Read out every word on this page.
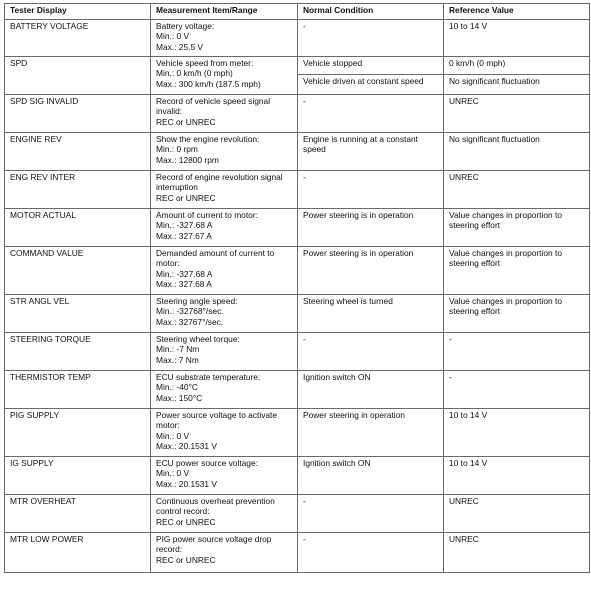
Tester Display	Measurement Item/Range	Normal Condition	Reference Value
BATTERY VOLTAGE	Battery voltage:
Min.: 0 V
Max.: 25.5 V	-	10 to 14 V
SPD	Vehicle speed from meter:
Min.: 0 km/h (0 mph)
Max.: 300 km/h (187.5 mph)	Vehicle stopped	0 km/h (0 mph)
		Vehicle driven at constant speed	No significant fluctuation
SPD SIG INVALID	Record of vehicle speed signal invalid:
REC or UNREC	-	UNREC
ENGINE REV	Show the engine revolution:
Min.: 0 rpm
Max.: 12800 rpm	Engine is running at a constant speed	No significant fluctuation
ENG REV INTER	Record of engine revolution signal interruption
REC or UNREC	-	UNREC
MOTOR ACTUAL	Amount of current to motor:
Min.: -327.68 A
Max.: 327.67 A	Power steering is in operation	Value changes in proportion to steering effort
COMMAND VALUE	Demanded amount of current to motor:
Min.: -327.68 A
Max.: 327.68 A	Power steering is in operation	Value changes in proportion to steering effort
STR ANGL VEL	Steering angle speed:
Min.: -32768°/sec.
Max.: 32767°/sec.	Steering wheel is turned	Value changes in proportion to steering effort
STEERING TORQUE	Steering wheel torque:
Min.: -7 Nm
Max.: 7 Nm	-	-
THERMISTOR TEMP	ECU substrate temperature:
Min.: -40°C
Max.: 150°C	Ignition switch ON	-
PIG SUPPLY	Power source voltage to activate motor:
Min.: 0 V
Max.: 20.1531 V	Power steering in operation	10 to 14 V
IG SUPPLY	ECU power source voltage:
Min.: 0 V
Max.: 20.1531 V	Ignition switch ON	10 to 14 V
MTR OVERHEAT	Continuous overheat prevention control record:
REC or UNREC	-	UNREC
MTR LOW POWER	PIG power source voltage drop record:
REC or UNREC	-	UNREC
